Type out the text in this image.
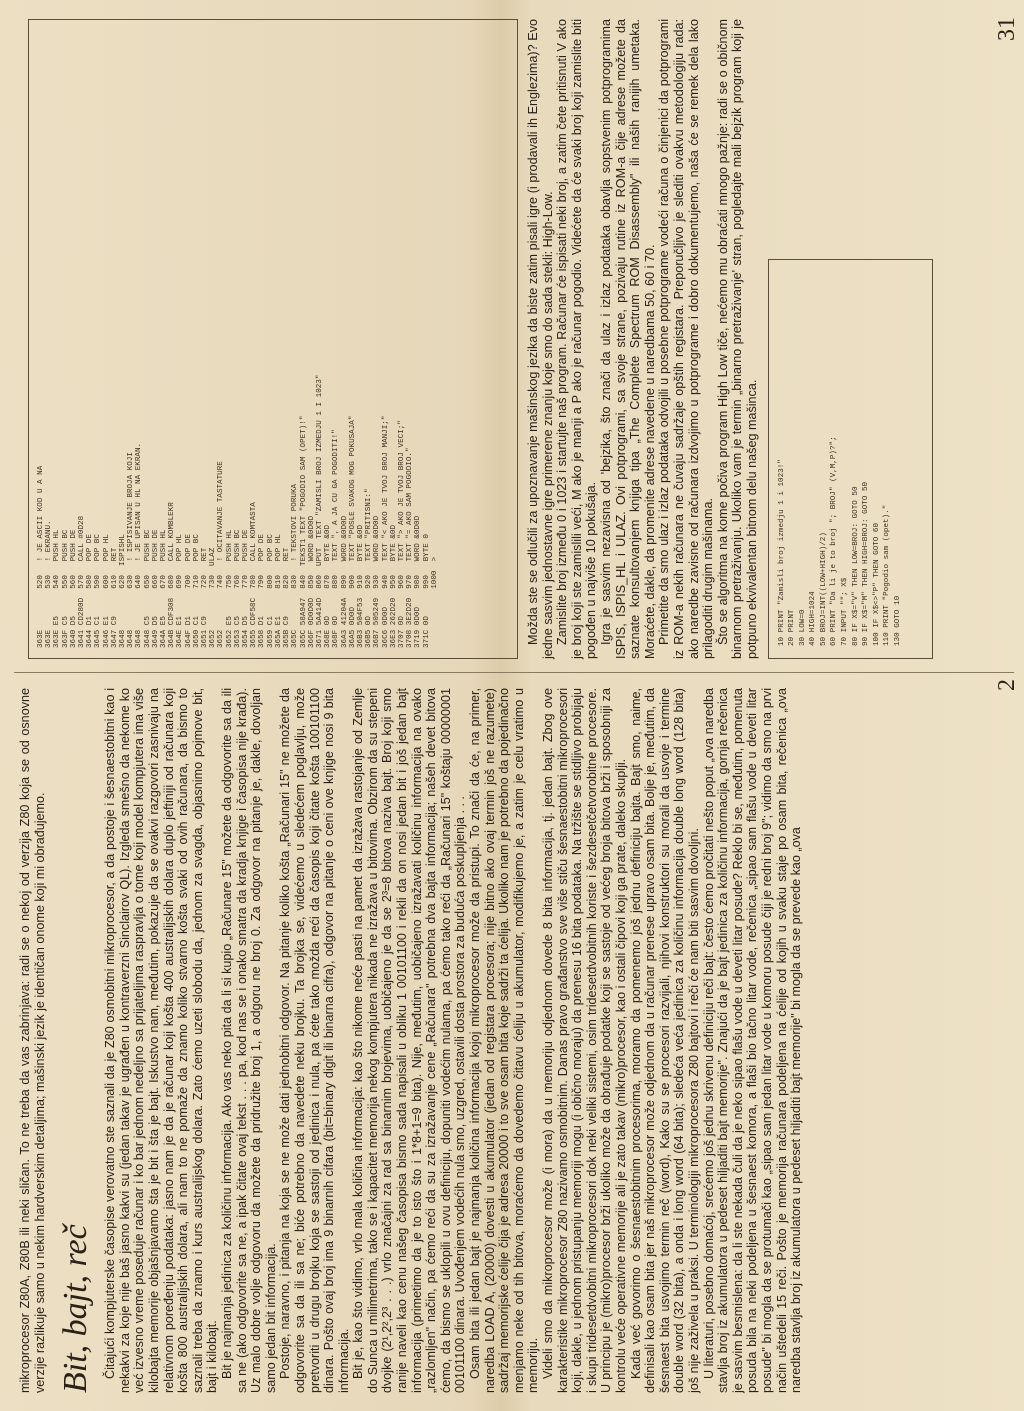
mikroprocesor Z80A, Z80B ili neki sličan. To ne treba da vas zabrinjava: radi se o nekoj od verzija Z80 koja se od osnovne verzije razlikuje samo u nekim hardverskim detaljima; mašinski jezik je identičan onome koji mi obrađujemo. Bit, bajt, reč Čitajući kompjuterske časopise verovatno ste saznali da je Z80 osmobitni mikroprocesor, a da postoje i šesnaestobitni kao i nekakvi za koje nije baš jasno kakvi su (jedan takav je ugrađen u kontraverzni Sinclairov QL). Izgleda smešno da nekome ko već izvesno vreme poseduje računar i ko bar jednom nedeljno sa prijateljima raspravlja o tome koji model kompjutera ima više kilobajta memorije objašnjavamo šta je bit i šta je bajt. Iskustvo nam, međutim, pokazuje da se ovakvi razgovori zasnivaju na relativnom poređenju podataka: jasno nam je da je računar koji košta 400 australijskih dolara duplo jeftiniji od računara koji košta 800 australijskih dolara, ali nam to ne pomaže da znamo koliko stvarno košta svaki od ovih računara, da bismo to saznali treba da znamo i kurs australijskog dolara. Zato ćemo uzeti slobodu da, jednom za svagda, objasnimo pojmove bit, bajt i kilobajt. Bit je najmanja jedinica za količinu informacija. Ako vas neko pita da li si kupio „Računare 15" možete da odgovorite sa da ili sa ne (ako odgovorite sa ne, a ipak čitate ovaj tekst . . . pa, kod nas se i onako smatra da kradja knjige i časopisa nije krađa). Uz malo dobre volje odgovoru da možete da pridružite broj 1, a odgoru ne broj 0. Za odgovor na pitanje je, dakle, dovoljan samo jedan bit informacija. Postoje, naravno, i pitanja na koja se ne može dati jednobitni odgovor. Na pitanje koliko košta „Računari 15" ne možete da odgovorite sa da ili sa ne; biće potrebno da navedete neku brojku. Ta brojka se, videćemo u sledećem poglavlju, može pretvoriti u drugu brojku koja se sastoji od jedinica i nula, pa ćete tako možda reći da časopis koji čitate košta 100101100 dinara. Pošto ovaj broj ima 9 binarnih cifara (bit=binary digit ili binarna cifra), odgovor na pitanje o ceni ove knjige nosi 9 bita informacija. Bit je, kao što vidimo, vrlo mala količina informacija: kao što nikome neće pasti na pamet da izražava rastojanje od Zemlje do Sunca u milimetrima, tako se i kapacitet memorija nekog kompjutera nikada ne izražava u bitovima. Obzirom da su stepeni dvojke (2¹,2²,2³ . . .) vrlo značajni za rad sa binarnim brojevima, uobičajeno je da se 2³=8 bitova naziva bajt. Broj koji smo ranije naveli kao cenu našeg časopisa bismo sada napisali u obliku 1 00101100 i rekli da on nosi jedan bit i još jedan bajt informacija (primetimo da je to isto što i 1*8+1=9 bita). Nije, međutim, uobičajeno izražavati količinu informacija na ovako „razlomljen" način, pa ćemo reći da su za izražavanje cene „Računara" potrebna dva bajta informacija; našeh devet bitova ćemo, da bismo se uklopili u ovu definiciju, dopuniti vodećim nulama, pa ćemo tako reći da „Računari 15" koštaju 00000001 00101100 dinara. Uvođenjem vodećih nula smo, uzgred, ostavili dosta prostora za buduća poskupljenja . . . Osam bita ili jedan bajt je najmanja količina informacija kojoj mikroprocesor može da pristupi. To znači da će, na primer, naredba LOAD A, (20000) dovesti u akumulator (jedan od registara procesora; nije bitno ako ovaj termin još ne razumete) sadržaj memorijske ćelije čija je adresa 20000 i to sve osam bita koje sadrži ta ćelija. Ukoliko nam je potrebno da pojedinačno menjamo neke od tih bitova, moraćemo da dovedemo čitavu ćeliju u akumulator, modifikujemo je, a zatim je celu vratimo u memoriju. Videli smo da mikroprocesor može (i mora) da u memoriju odjednom dovede 8 bita informacija, tj. jedan bajt. Zbog ove karakteristike mikroprocesor Z80 nazivamo osmobitnim. Danas pravo građanstvo sve više stiču šesnaestobitni mikroprocesori koji, dakle, u jednom pristupanju memoriji mogu (i obično moraju) da prenesu 16 bita podataka. Na tržište se stidljivo probijaju i skupi tridesetdvobitni mikroprocesori dok neki veliki sistemi, osim tridesetdvobitnih koriste i šezdesetčetvorobitne procesore. U principu je (mikro)procesor brži ukoliko može da obrađuje podatke koji se sastoje od većeg broja bitova brži i sposobniji za kontrolu veće operativne memorije ali je zato takav (mikro)procesor, kao i ostali čipovi koji ga prate, daleko skuplji. Kada već govorimo o šesnaestobitnim procesorima, moramo da pomenemo još jednu definiciju bajta. Bajt smo, naime, definisali kao osam bita jer naš mikroprocesor može odjednom da u računar prenese upravo osam bita. Bolje je, međutim, da šesnaest bita usvojimo termin reč (word), Kako su se procesori razvijali, njihovi konstruktori su morali da usvoje i termine double word (32 bita), a onda i long word (64 bita); sledeća veća jedinica za količinu informacija double long word (128 bita) još nije zaživela u praksi. U terminologiji mikroprocesora Z80 bajtovi i reči će nam biti sasvim dovoljni. U literaturi, posebno domaćoj, srećemo još jednu skrivenu definiciju reči bajt: često ćemo pročitati nešto poput „ova naredba stavlja broj iz akumulatora u pedeset hiljaditi bajt memorije". Znajući da je bajt jedinica za količinu informacija, gornja rečenica je sasvim besmislena: da li ste nekada čuli da je neko sipao flašu vode u deveti litar posude? Reklo bi se, međutim, pomenuta posuda bila na neki podeljena u šesnaest komora, a flaši bio tačno litar vode, rečenica „sipao sam flašu vode u deveti litar posude" bi mogla da se protumači kao „sipao sam jedan litar vode u komoru posude čiji je redni broj 9"; vidimo da smo na prvi način uštedeli 15 reči. Pošto je memorija računara podeljena na ćelije od kojih u svaku staje po osam bita, rečenica „ova naredba stavlja broj iz akumulatora u pedeset hiljaditi bajt memorije" bi mogla da se prevede kao „ova

363E         520   ! JE ASCII KOD U A NA
363E         530   ! EKRANU.
363E E5      540   PUSH HL
363F C5      550   PUSH BC
3640 D5      560   PUSH DE
3641 CD280D  570   CALL #0D28
3644 D1      580   POP DE
3645 C1      590   POP BC
3646 E1      600   POP HL
3647 C9      610   RET
3648         620  ISPISHL
3648         630   ! ISPISIVANJE BROJA KOJI
3648         640   ! JE UPISAN U HL NA EKRAN.
3648 C5      650   PUSH BC
3649 D5      660   PUSH DE
364A E5      670   PUSH HL
364B CDF308  680   CALL KOMBLEKR
364E E1      690   POP HL
364F D1      700   POP DE
3650 C1      710   POP BC
3651 C9      720   RET
3652         730  ULAZ
3652         740   ! OCITAVANJE TASTATURE
3652 E5      750   PUSH HL
3653 C5      760   PUSH BC
3654 D5      770   PUSH DE
3655 CDF58C  780   CALL KOMTASTA
3658 D1      790   POP DE
3659 C1      800   POP BC
365A E1      810   POP HL
365B C9      820   RET
365C         830   ! TEKSTOVI PORUKA
365C 58A947  840  TEKST1 TEXT "POGODIO SAM (OPET)!"
366F 0D0D0D  850   WORD &0D0D
3671 5A414D  860  UPUT  TEXT "ZAMISLI BROJ IZMEDJU 1 I 1023"
368E 0D      870   BYTE &0D
368F 0D      880   TEXT ", A JA CU GA POGODITI!"
36A3 41204A  890   WORD &0D0D
36A5 0D0D    900   TEXT "POSLE SVAKOG MOG POKUSAJA"
36B3 504F53  910   BYTE &0D
36B5 0D      920   TEXT "PRITISNI:"
36B7 505249  930   WORD &0D0D
36C6 0D0D    940   TEXT "< AKO JE TVOJ BROJ MANJI;"
36E3 262D20  950   BYTE &0D
3707 0D      960   TEXT "> AKO JE TVOJ BROJ VECI;"
3708 3E2D20  970   TEXT "= AKO SAM POGODIO."
3719 0D0D    980   WORD &0D0D
371C 0D      990   BYTE 0
1000  >	Možda ste se odlučili za upoznavanje mašinskog jezika da biste zatim pisali igre (i prodavali ih Englezima)? Evo jedne sasvim jednostavne igre primerene znanju koje smo do sada stekli: High-Low. Zamislite broj između 0 i 1023 i startujte naš program. Računar će ispisati neki broj, a zatim čete pritisnuti V ako je broj koji ste zamislili veći, M ako je manji a P ako je računar pogodio. Videćete da će svaki broj koji zamislite biti pogođen u najviše 10 pokušaja. Igra je sasvim nezavisna od 'bejzika, što znači da ulaz i izlaz podataka obavlja sopstvenim potprogramima ISPIS, ISPIS_HL i ULAZ. Ovi potprogrami, sa svoje strane, pozivaju rutine iz ROM-a čije adrese možete da saznate konsultovanjem knjiga tipa „The Complete Spectrum ROM Disassembly" ili naših ranijih umetaka. Moraćete, dakle, da promenite adrese navedene u naredbama 50, 60 i 70. Primetite da smo ulaz i izlaz podataka odvojili u posebne potprograme vodeći računa o činjenici da potprogrami iz ROM-a nekih računara ne čuvaju sadržaje opštih registara. Preporučljivo je slediti ovakvu metodologiju rada: ako naredbe zavisne od računara izdvojimo u potprograme i dobro dokumentujemo, naša će se remek dela lako prilagoditi drugim mašinama. Što se algoritma na kome počiva program High Low tiče, nećemo mu obraćati mnogo pažnje: radi se o običnom binarnom pretraživanju. Ukoliko vam je termin „binarno pretraživanje' stran, pogledajte mali bejzik program koji je potpuno ekvivalentan bitnom delu našeg mašinca. 10 PRINT "Zamisli broj izmedju 1 i 1023!"
20 PRINT
30 LOW=0
40 HIGH=1024
50 BROJ=INT((LOW+HIGH)/2)
60 PRINT "Da li je to broj "; BROJ" (V,M,P)?";
70 INPUT ""; X$
80 IF X$="V" THEN LOW=BROJ: GOTO 50
90 IF X$="M" THEN HIGH=BROJ: GOTO 50
100 IF X$<>"P" THEN GOTO 60
110 PRINT "Pogodio sam (opet)."
130 GOTO 10
2
31
